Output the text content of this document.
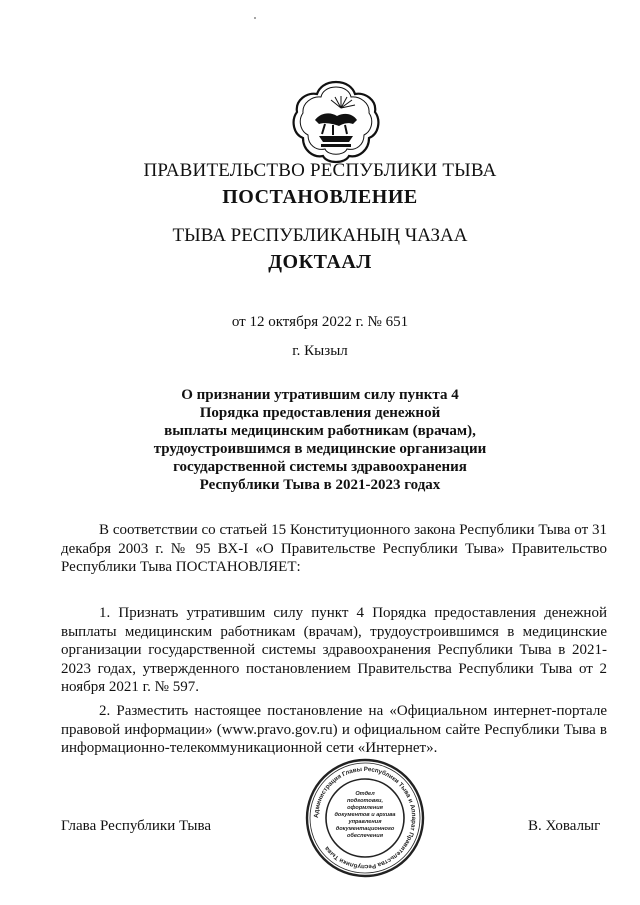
ПРАВИТЕЛЬСТВО РЕСПУБЛИКИ ТЫВА
ПОСТАНОВЛЕНИЕ
ТЫВА РЕСПУБЛИКАНЫҢ ЧАЗАА
ДОКТААЛ
от 12 октября 2022 г. № 651
г. Кызыл
О признании утратившим силу пункта 4
Порядка предоставления денежной
выплаты медицинским работникам (врачам),
трудоустроившимся в медицинские организации
государственной системы здравоохранения
Республики Тыва в 2021-2023 годах

В соответствии со статьей 15 Конституционного закона Республики Тыва от 31 декабря 2003 г. № 95 ВХ-I «О Правительстве Республики Тыва» Правительство Республики Тыва ПОСТАНОВЛЯЕТ:

1. Признать утратившим силу пункт 4 Порядка предоставления денежной выплаты медицинским работникам (врачам), трудоустроившимся в медицинские организации государственной системы здравоохранения Республики Тыва в 2021-2023 годах, утвержденного постановлением Правительства Республики Тыва от 2 ноября 2021 г. № 597.

2. Разместить настоящее постановление на «Официальном интернет-портале правовой информации» (www.pravo.gov.ru) и официальном сайте Республики Тыва в информационно-телекоммуникационной сети «Интернет».

Глава Республики Тыва	В. Ховалыг
Администрация Главы Республики Тыва и Аппарат Правительства Республики Тыва
Отдел
подготовки,
оформления
документов и архива
управления
документационного
обеспечения
